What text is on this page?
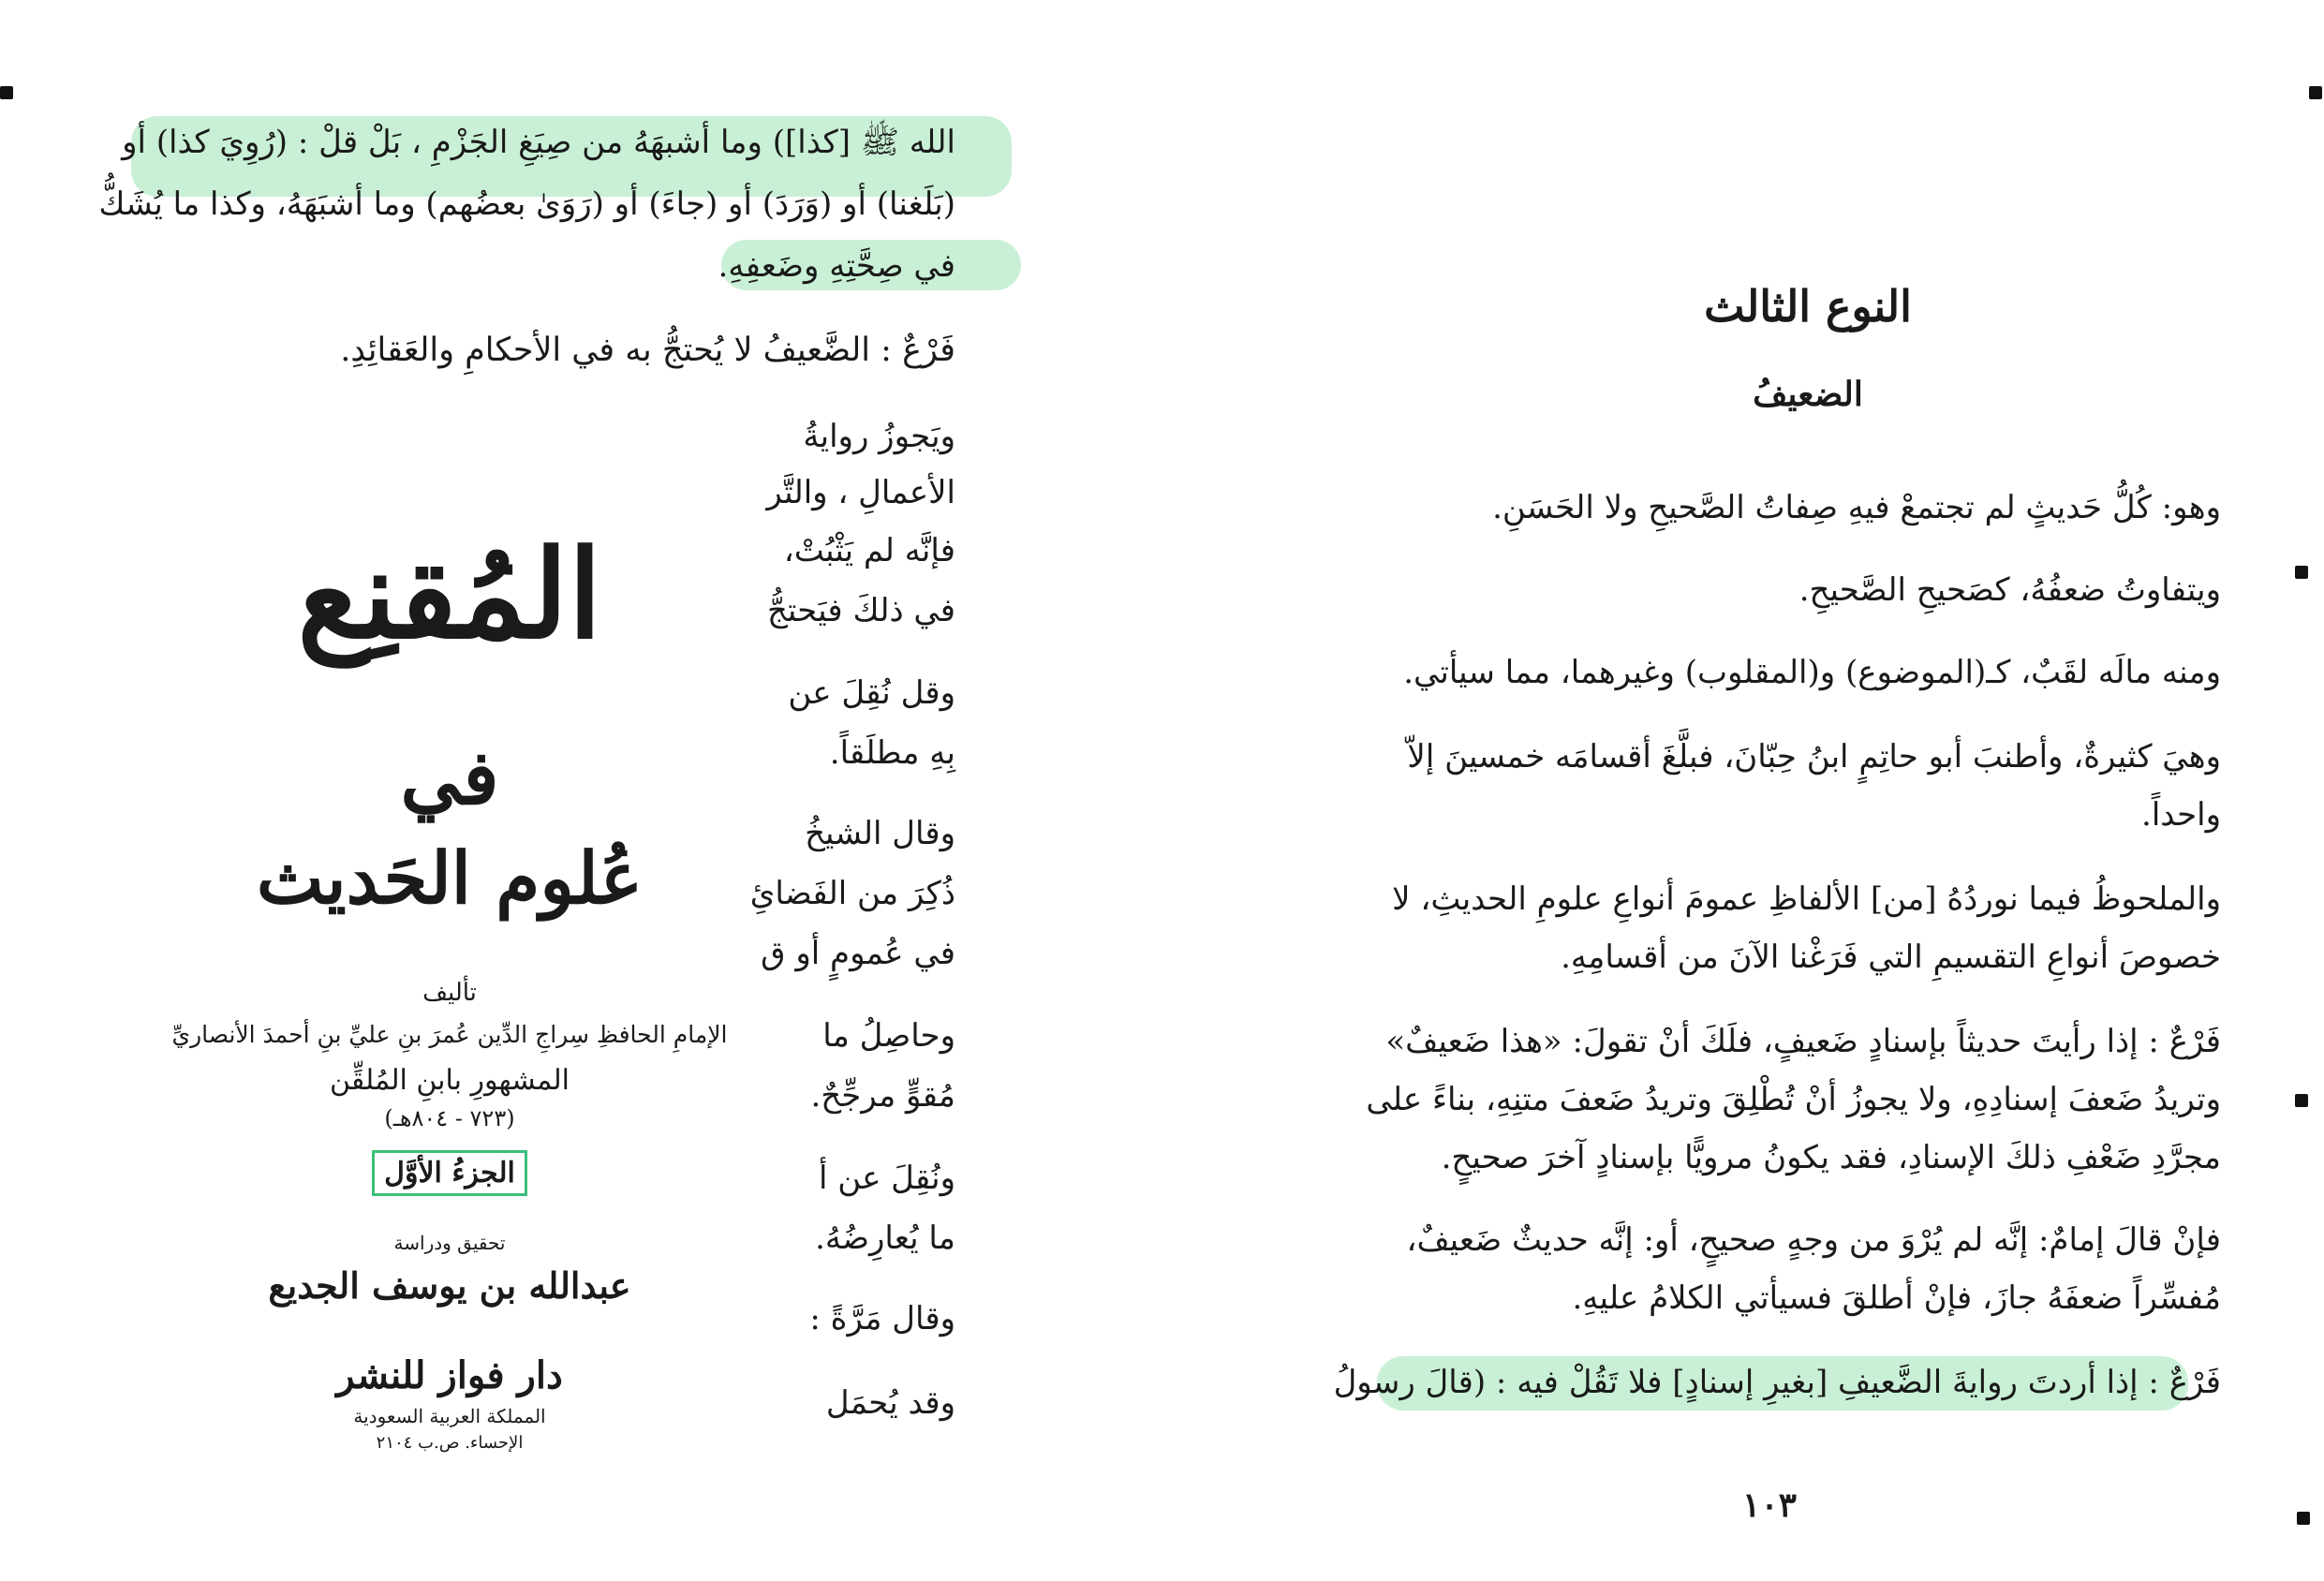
الله ﷺ [كذا]) وما أشبهَهُ من صِيَغِ الجَزْمِ ، بَلْ قلْ : (رُوِيَ كذا) أو
(بَلَغنا) أو (وَرَدَ) أو (جاءَ) أو (رَوَىٰ بعضُهم) وما أشبَهَهُ، وكذا ما يُشَكُّ
في صِحَّتِهِ وضَعفِهِ.
فَرْعٌ : الضَّعيفُ لا يُحتجُّ به في الأحكامِ والعَقائِدِ.
ويَجوزُ روايةُ
الأعمالِ ، والتَّر
فإنَّه لم يَثْبُتْ،
في ذلكَ فيَحتجُّ
وقل نُقِلَ عن
بِهِ مطلَقاً.
وقال الشيخُ
ذُكِرَ من الفَضائِ
في عُمومٍ أو ق
وحاصِلُ ما
مُقوٍّ مرجِّحٌ.
ونُقِلَ عن أ
ما يُعارِضُهُ.
وقال مَرَّةً :
وقد يُحمَل
المُقنِع
في
عُلوم الحَديث
تأليف
الإمامِ الحافظِ سِراجِ الدِّين عُمرَ بنِ عليِّ بنِ أحمدَ الأنصاريِّ
المشهورِ بابنِ المُلقِّن
(٧٢٣ - ٨٠٤هـ)
الجزءُ الأوَّل
تحقيق ودراسة
عبدالله بن يوسف الجديع
دار فواز للنشر
المملكة العربية السعودية
الإحساء. ص.ب ٢١٠٤
النوع الثالث
الضعيفُ
وهو: كُلُّ حَديثٍ لم تجتمعْ فيهِ صِفاتُ الصَّحيحِ ولا الحَسَنِ.
ويتفاوتُ ضعفُهُ، كصَحيحِ الصَّحيحِ.
ومنه مالَه لقَبٌ، كـ(الموضوع) و(المقلوب) وغيرهما، مما سيأتي.
وهيَ كثيرةٌ، وأطنبَ أبو حاتِمٍ ابنُ حِبّانَ، فبلَّغَ أقسامَه خمسينَ إلاّ
واحداً.
والملحوظُ فيما نوردُهُ [من] الألفاظِ عمومَ أنواعِ علومِ الحديثِ، لا
خصوصَ أنواعِ التقسيمِ التي فَرَغْنا الآنَ من أقسامِهِ.
فَرْعٌ : إذا رأيتَ حديثاً بإسنادٍ ضَعيفٍ، فلَكَ أنْ تقولَ: «هذا ضَعيفٌ»
وتريدُ ضَعفَ إسنادِهِ، ولا يجوزُ أنْ تُطْلِقَ وتريدُ ضَعفَ متنِهِ، بناءً على
مجرَّدِ ضَعْفِ ذلكَ الإسنادِ، فقد يكونُ مرويًّا بإسنادٍ آخرَ صحيحٍ.
فإنْ قالَ إمامٌ: إنَّه لم يُرْوَ من وجهٍ صحيحٍ، أو: إنَّه حديثٌ ضَعيفٌ،
مُفسِّراً ضعفَهُ جازَ، فإنْ أطلقَ فسيأتي الكلامُ عليهِ.
فَرْعٌ : إذا أردتَ روايةَ الضَّعيفِ [بغيرِ إسنادٍ] فلا تَقُلْ فيه : (قالَ رسولُ
١٠٣
